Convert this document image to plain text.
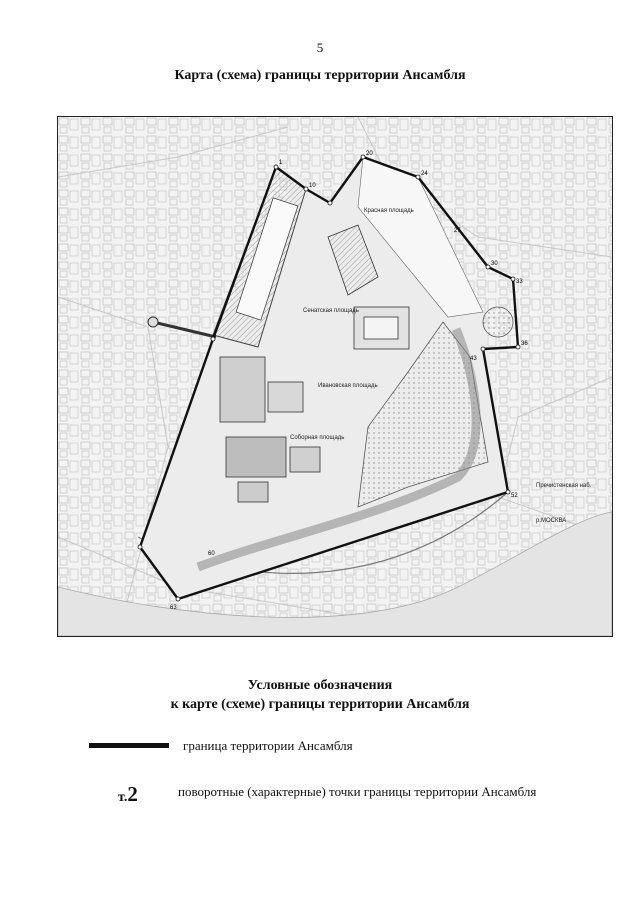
5
Карта (схема) границы территории Ансамбля
р.МОСКВА
Пречистенская наб.
Красная площадь
Ивановская площадь
Соборная площадь
Сенатская площадь
1
10
20
24
27
30
33
36
43
52
60
63
Условные обозначения
к карте (схеме) границы территории Ансамбля
граница территории Ансамбля
т.2	поворотные (характерные) точки границы территории Ансамбля
